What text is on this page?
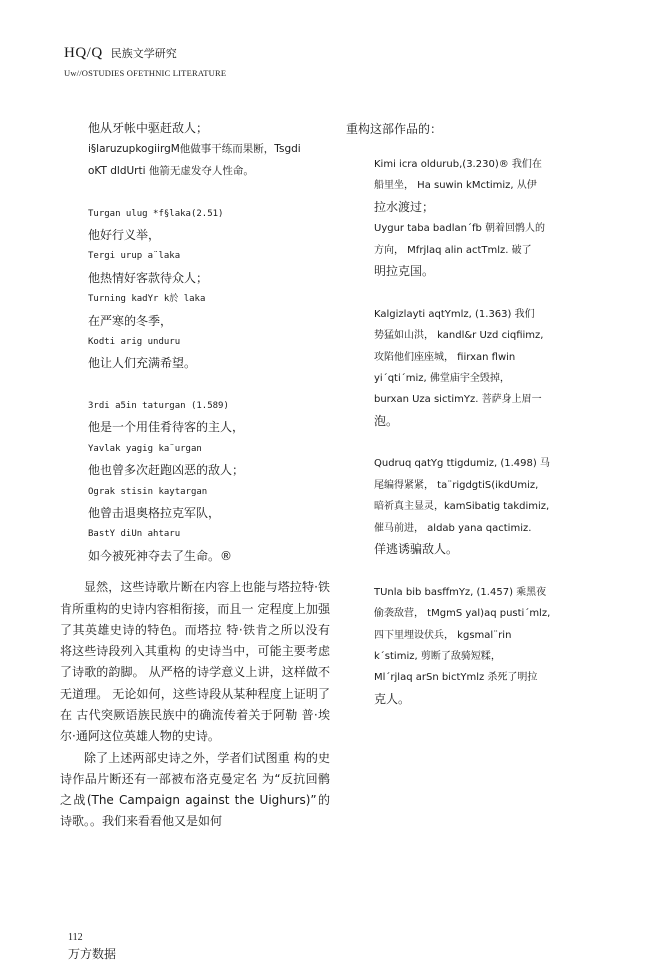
HQ/Q 民族文学研究
Uw//OSTUDIES OFETHNIC LITERATURE
他从牙帐中驱赶敌人；
i§laruzupkogiirgM他做事干练而果断，Tsgdi
oKT dldUrti 他箭无虚发夺人性命。
Turgan ulug *f§laka(2.51)
他好行义举，
Tergi urup a¨laka
他热情好客款待众人；
Turning kadYr k於 laka
在严寒的冬季，
Kodti arig unduru
他让人们充满希望。
3rdi a5in taturgan (1.589)
他是一个用佳肴待客的主人，
Yavlak yagig ka¨urgan
他也曾多次赶跑凶恶的敌人；
Ograk stisin kaytargan
他曾击退奥格拉克军队，
BastY diUn ahtaru
如今被死神夺去了生命。®

显然，这些诗歌片断在内容上也能与塔拉特·铁肯所重构的史诗内容相衔接，而且一 定程度上加强了其英雄史诗的特色。而塔拉 特·铁肯之所以没有将这些诗段列入其重构 的史诗当中，可能主要考虑了诗歌的韵脚。 从严格的诗学意义上讲，这样做不无道理。 无论如何，这些诗段从某种程度上证明了在 古代突厥语族民族中的确流传着关于阿勒 普·埃尔·通阿这位英雄人物的史诗。

除了上述两部史诗之外，学者们试图重 构的史诗作品片断还有一部被布洛克曼定名 为“反抗回鹘之战(The Campaign against the Uighurs)”的诗歌。。我们来看看他又是如何

重构这部作品的：
Kimi icra oldurub,(3.230)® 我们在
船里坐， Ha suwin kMctimiz, 从伊
拉水渡过；
Uygur taba badlan´fb 朝着回鹘人的
方向， Mfrjlaq alin actTmlz. 破了
明拉克国。
Kalgizlayti aqtYmlz, (1.363) 我们
势猛如山洪， kandl&r Uzd ciqfiimz,
攻陷他们座座城， fiirxan flwin
yi´qti´miz, 佛堂庙宇全毁掉，
burxan Uza sictimYz. 菩萨身上眉一
泡。
Qudruq qatYg ttigdumiz, (1.498) 马
尾编得紧紧， ta¨rigdgtiS(ikdUmiz,
暗祈真主显灵，kamSibatig takdimiz,
催马前进， aldab yana qactimiz.
佯逃诱骗敌人。
TUnla bib basffmYz, (1.457) 乘黑夜
偷袭敌营， tMgmS yal)aq pusti´mlz,
四下里埋设伏兵， kgsmal¨rin
k´stimiz, 剪断了敌骑短糅，
Ml´rjlaq arSn bictYmlz 杀死了明拉
克人。
112
万方数据
